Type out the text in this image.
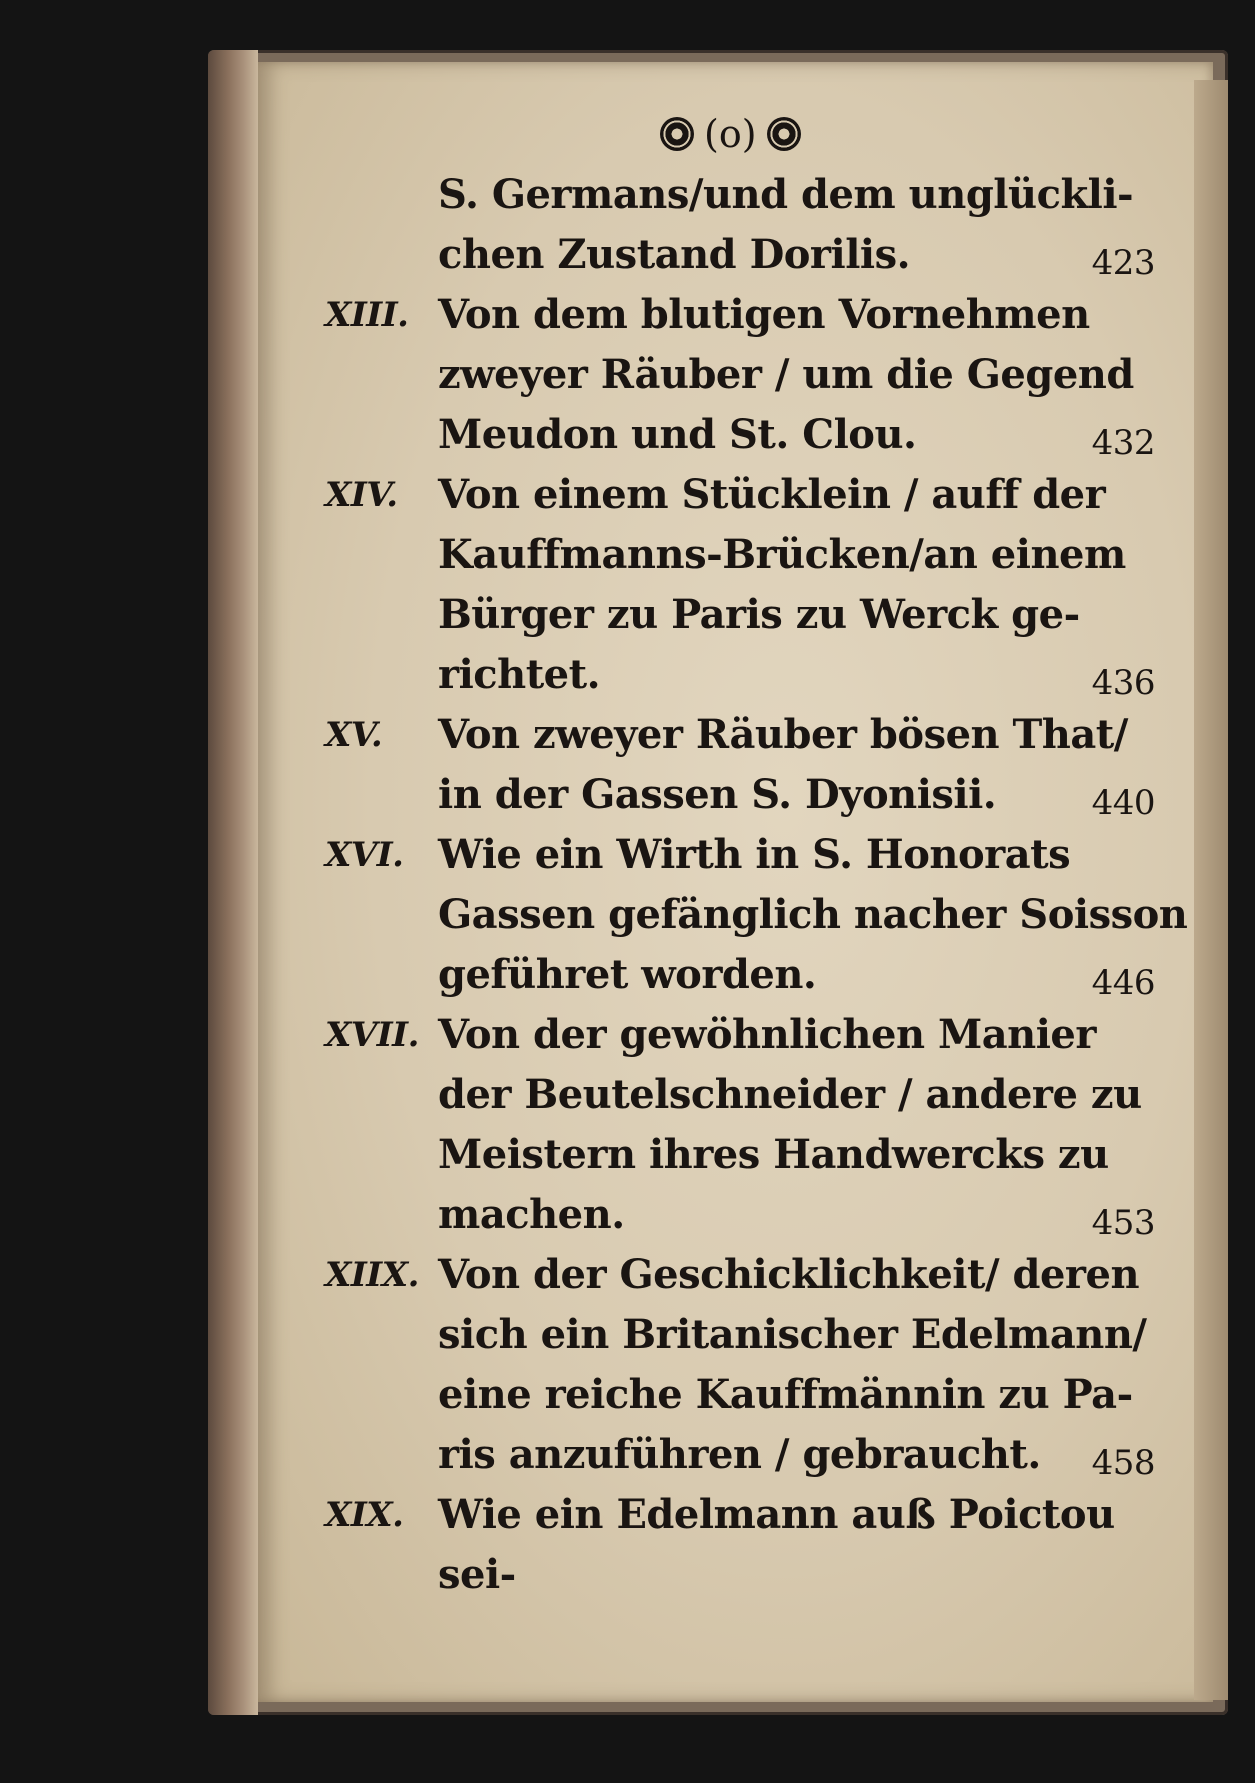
(o)
S. Germans/und dem unglückli-
chen Zustand Dorilis.	423
XIII. Von dem blutigen Vornehmen
zweyer Räuber / um die Gegend
Meudon und St. Clou.	432
XIV. Von einem Stücklein / auff der
Kauffmanns-Brücken/an einem
Bürger zu Paris zu Werck ge-
richtet.	436
XV. Von zweyer Räuber bösen That/
in der Gassen S. Dyonisii.	440
XVI. Wie ein Wirth in S. Honorats
Gassen gefänglich nacher Soisson
geführet worden.	446
XVII. Von der gewöhnlichen Manier
der Beutelschneider / andere zu
Meistern ihres Handwercks zu
machen.	453
XIIX. Von der Geschicklichkeit/ deren
sich ein Britanischer Edelmann/
eine reiche Kauffmännin zu Pa-
ris anzuführen / gebraucht. 458
XIX. Wie ein Edelmann auß Poictou
sei-
